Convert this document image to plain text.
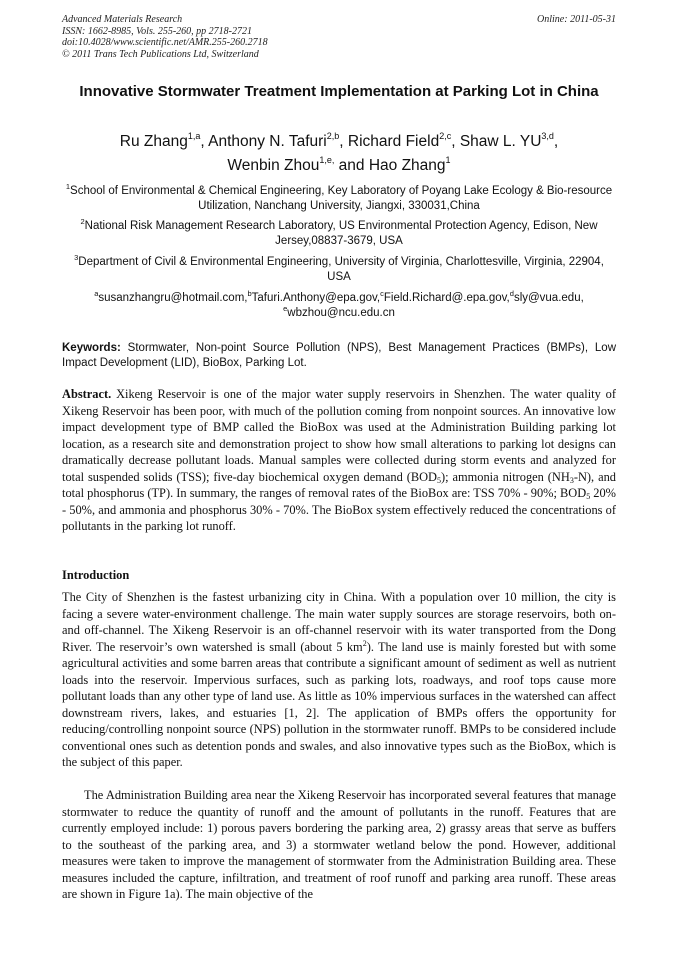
Advanced Materials Research	Online: 2011-05-31
ISSN: 1662-8985, Vols. 255-260, pp 2718-2721
doi:10.4028/www.scientific.net/AMR.255-260.2718
© 2011 Trans Tech Publications Ltd, Switzerland
Innovative Stormwater Treatment Implementation at Parking Lot in China
Ru Zhang$^{1,a}$, Anthony N. Tafuri$^{2,b}$, Richard Field$^{2,c}$, Shaw L. YU$^{3,d}$,
Wenbin Zhou$^{1,e,}$ and Hao Zhang$^1$
$^1$School of Environmental & Chemical Engineering, Key Laboratory of Poyang Lake Ecology & Bio-resource Utilization, Nanchang University, Jiangxi, 330031,China
$^2$National Risk Management Research Laboratory, US Environmental Protection Agency, Edison, New Jersey,08837-3679, USA
$^3$Department of Civil & Environmental Engineering, University of Virginia, Charlottesville, Virginia, 22904, USA
$^a$susanzhangru@hotmail.com,$^b$Tafuri.Anthony@epa.gov,$^c$Field.Richard@.epa.gov,$^d$sly@vua.edu,
$^e$wbzhou@ncu.edu.cn
Keywords: Stormwater, Non-point Source Pollution (NPS), Best Management Practices (BMPs), Low Impact Development (LID), BioBox, Parking Lot.
Abstract. Xikeng Reservoir is one of the major water supply reservoirs in Shenzhen. The water quality of Xikeng Reservoir has been poor, with much of the pollution coming from nonpoint sources. An innovative low impact development type of BMP called the BioBox was used at the Administration Building parking lot location, as a research site and demonstration project to show how small alterations to parking lot designs can dramatically decrease pollutant loads. Manual samples were collected during storm events and analyzed for total suspended solids (TSS); five-day biochemical oxygen demand $(BOD_5)$; ammonia nitrogen $(NH_3-N)$, and total phosphorus (TP). In summary, the ranges of removal rates of the BioBox are: TSS 70% - 90%; $BOD_5$ 20% - 50%, and ammonia and phosphorus 30% - 70%. The BioBox system effectively reduced the concentrations of pollutants in the parking lot runoff.
Introduction
The City of Shenzhen is the fastest urbanizing city in China. With a population over 10 million, the city is facing a severe water-environment challenge. The main water supply sources are storage reservoirs, both on- and off-channel. The Xikeng Reservoir is an off-channel reservoir with its water transported from the Dong River. The reservoir’s own watershed is small (about 5 $km^2$). The land use is mainly forested but with some agricultural activities and some barren areas that contribute a significant amount of sediment as well as nutrient loads into the reservoir. Impervious surfaces, such as parking lots, roadways, and roof tops cause more pollutant loads than any other type of land use. As little as 10% impervious surfaces in the watershed can affect downstream rivers, lakes, and estuaries [1, 2]. The application of BMPs offers the opportunity for reducing/controlling nonpoint source (NPS) pollution in the stormwater runoff. BMPs to be considered include conventional ones such as detention ponds and swales, and also innovative types such as the BioBox, which is the subject of this paper.
The Administration Building area near the Xikeng Reservoir has incorporated several features that manage stormwater to reduce the quantity of runoff and the amount of pollutants in the runoff. Features that are currently employed include: 1) porous pavers bordering the parking area, 2) grassy areas that serve as buffers to the southeast of the parking area, and 3) a stormwater wetland below the pond. However, additional measures were taken to improve the management of stormwater from the Administration Building area. These measures included the capture, infiltration, and treatment of roof runoff and parking area runoff. These areas are shown in Figure 1a). The main objective of the
